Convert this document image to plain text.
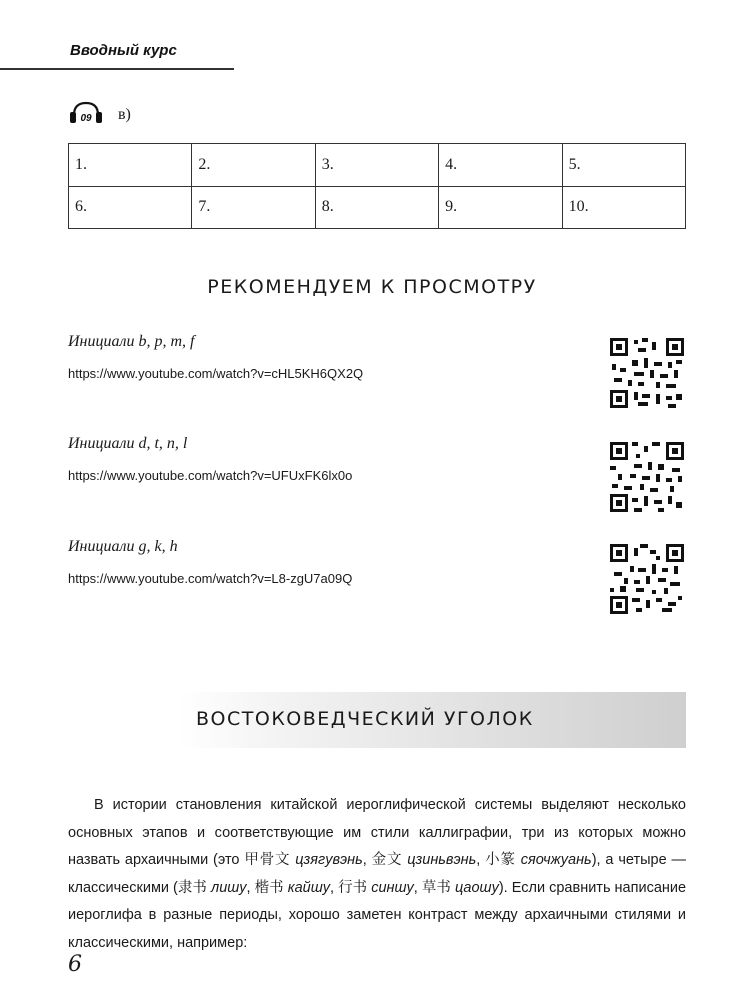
Вводный курс
09 в)
1.	2.	3.	4.	5.
6.	7.	8.	9.	10.
РЕКОМЕНДУЕМ К ПРОСМОТРУ
Инициали b, p, m, f
https://www.youtube.com/watch?v=cHL5KH6QX2Q
Инициали d, t, n, l
https://www.youtube.com/watch?v=UFUxFK6lx0o
Инициали g, k, h
https://www.youtube.com/watch?v=L8-zgU7a09Q
ВОСТОКОВЕДЧЕСКИЙ УГОЛОК

В истории становления китайской иероглифической системы выделяют несколько основных этапов и соответствующие им стили каллиграфии, три из которых можно назвать архаичными (это 甲骨文 цзягувэнь, 金文 цзиньвэнь, 小篆 сяочжуань), а четыре — классическими (隶书 лишу, 楷书 кайшу, 行书 синшу, 草书 цаошу). Если сравнить написание иероглифа в разные периоды, хорошо заметен контраст между архаичными стилями и классическими, например:

6
